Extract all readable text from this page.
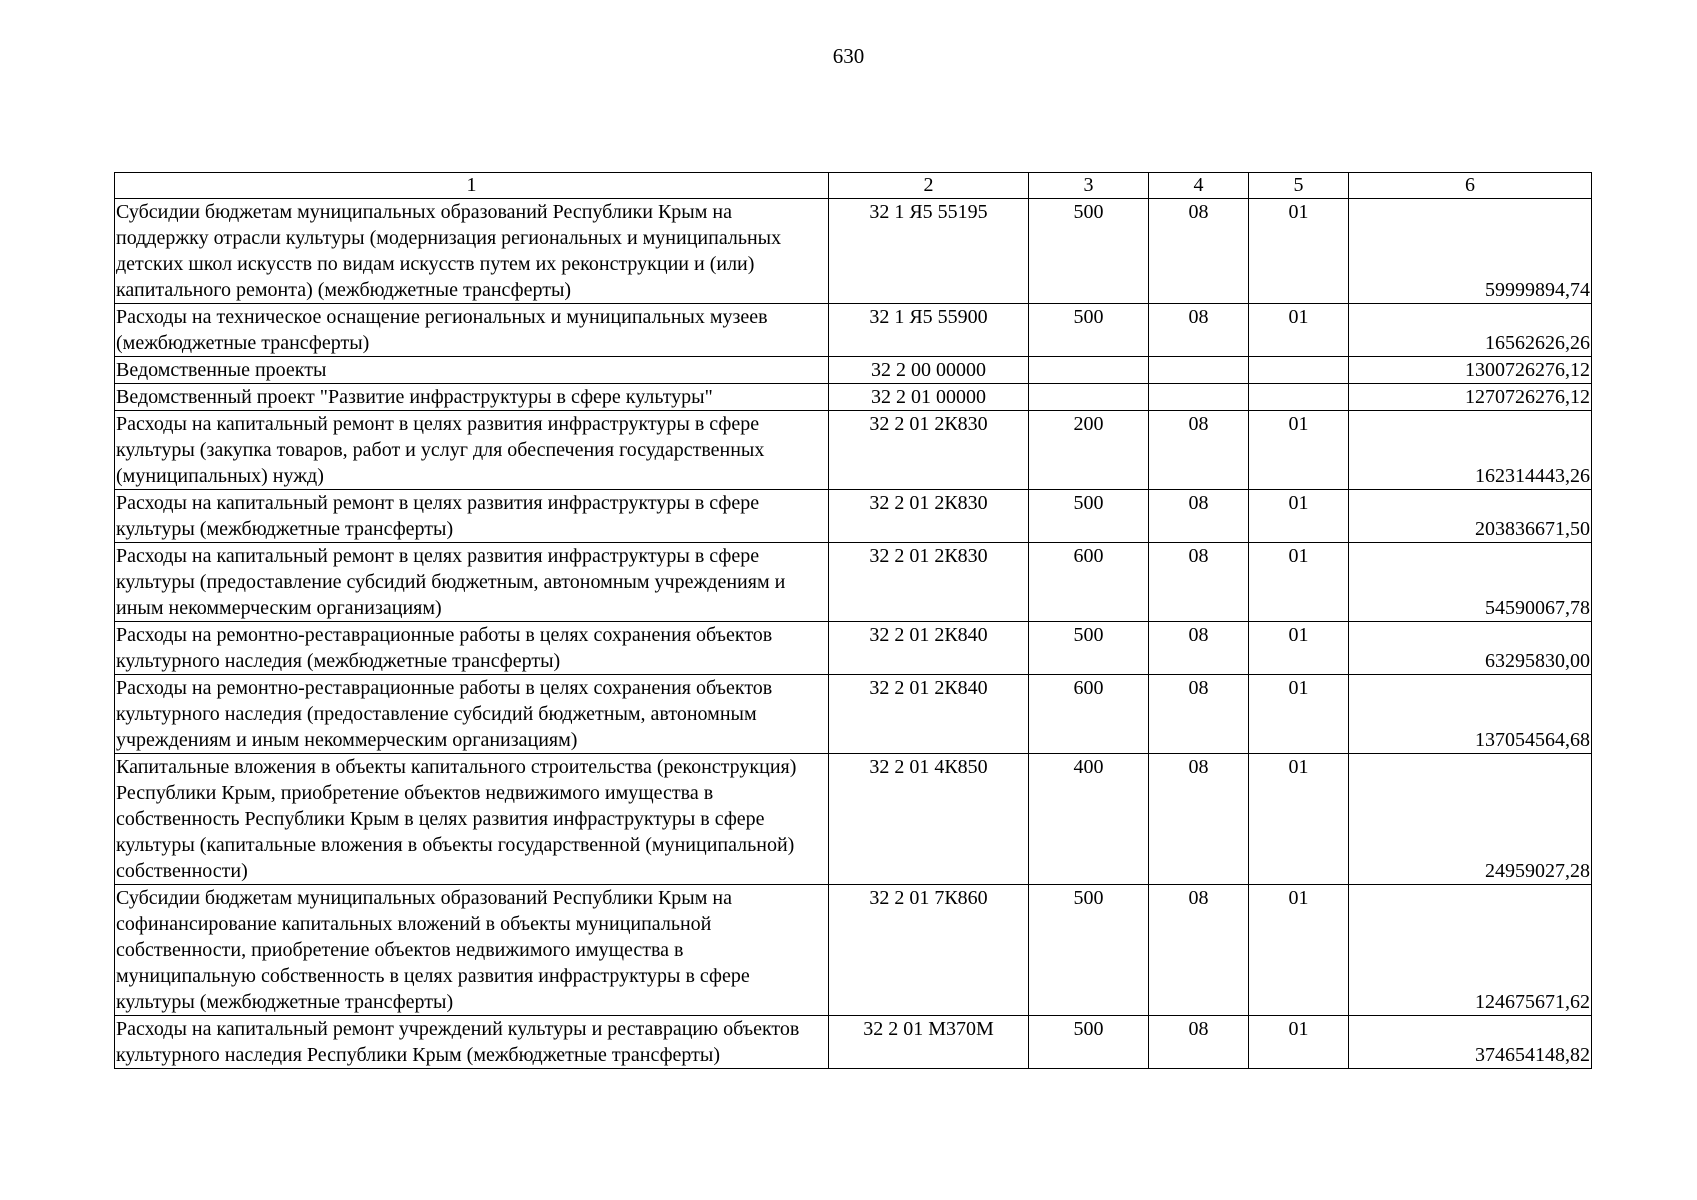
630
1	2	3	4	5	6
Субсидии бюджетам муниципальных образований Республики Крым на поддержку отрасли культуры (модернизация региональных и муниципальных детских школ искусств по видам искусств путем их реконструкции и (или) капитального ремонта) (межбюджетные трансферты)	32 1 Я5 55195	500	08	01	59999894,74
Расходы на техническое оснащение региональных и муниципальных музеев (межбюджетные трансферты)	32 1 Я5 55900	500	08	01	16562626,26
Ведомственные проекты	32 2 00 00000				1300726276,12
Ведомственный проект "Развитие инфраструктуры в сфере культуры"	32 2 01 00000				1270726276,12
Расходы на капитальный ремонт в целях развития инфраструктуры в сфере культуры (закупка товаров, работ и услуг для обеспечения государственных (муниципальных) нужд)	32 2 01 2К830	200	08	01	162314443,26
Расходы на капитальный ремонт в целях развития инфраструктуры в сфере культуры (межбюджетные трансферты)	32 2 01 2К830	500	08	01	203836671,50
Расходы на капитальный ремонт в целях развития инфраструктуры в сфере культуры (предоставление субсидий бюджетным, автономным учреждениям и иным некоммерческим организациям)	32 2 01 2К830	600	08	01	54590067,78
Расходы на ремонтно-реставрационные работы в целях сохранения объектов культурного наследия (межбюджетные трансферты)	32 2 01 2К840	500	08	01	63295830,00
Расходы на ремонтно-реставрационные работы в целях сохранения объектов культурного наследия (предоставление субсидий бюджетным, автономным учреждениям и иным некоммерческим организациям)	32 2 01 2К840	600	08	01	137054564,68
Капитальные вложения в объекты капитального строительства (реконструкция) Республики Крым, приобретение объектов недвижимого имущества в собственность Республики Крым в целях развития инфраструктуры в сфере культуры (капитальные вложения в объекты государственной (муниципальной) собственности)	32 2 01 4К850	400	08	01	24959027,28
Субсидии бюджетам муниципальных образований Республики Крым на софинансирование капитальных вложений в объекты муниципальной собственности, приобретение объектов недвижимого имущества в муниципальную собственность в целях развития инфраструктуры в сфере культуры (межбюджетные трансферты)	32 2 01 7К860	500	08	01	124675671,62
Расходы на капитальный ремонт учреждений культуры и реставрацию объектов культурного наследия Республики Крым (межбюджетные трансферты)	32 2 01 М370М	500	08	01	374654148,82
